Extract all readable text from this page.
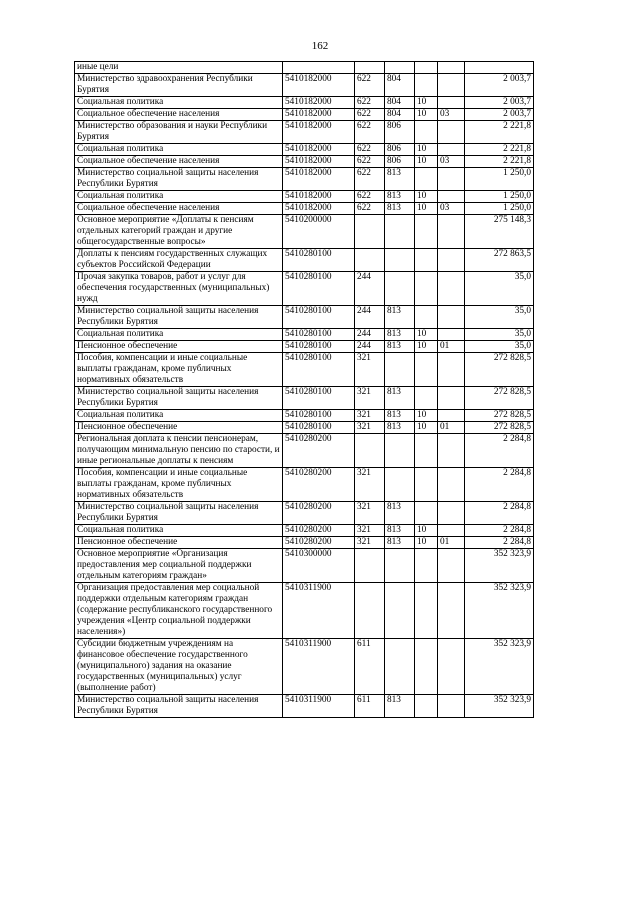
162
иные цели						
Министерство здравоохранения Республики Бурятия	5410182000	622	804			2 003,7
Социальная политика	5410182000	622	804	10		2 003,7
Социальное обеспечение населения	5410182000	622	804	10	03	2 003,7
Министерство образования и науки Республики Бурятия	5410182000	622	806			2 221,8
Социальная политика	5410182000	622	806	10		2 221,8
Социальное обеспечение населения	5410182000	622	806	10	03	2 221,8
Министерство социальной защиты населения Республики Бурятия	5410182000	622	813			1 250,0
Социальная политика	5410182000	622	813	10		1 250,0
Социальное обеспечение населения	5410182000	622	813	10	03	1 250,0
Основное мероприятие «Доплаты к пенсиям отдельных категорий граждан и другие общегосударственные вопросы»	5410200000					275 148,3
Доплаты к пенсиям государственных служащих субъектов Российской Федерации	5410280100					272 863,5
Прочая закупка товаров, работ и услуг для обеспечения государственных (муниципальных) нужд	5410280100	244				35,0
Министерство социальной защиты населения Республики Бурятия	5410280100	244	813			35,0
Социальная политика	5410280100	244	813	10		35,0
Пенсионное обеспечение	5410280100	244	813	10	01	35,0
Пособия, компенсации и иные социальные выплаты гражданам, кроме публичных нормативных обязательств	5410280100	321				272 828,5
Министерство социальной защиты населения Республики Бурятия	5410280100	321	813			272 828,5
Социальная политика	5410280100	321	813	10		272 828,5
Пенсионное обеспечение	5410280100	321	813	10	01	272 828,5
Региональная доплата к пенсии пенсионерам, получающим минимальную пенсию по старости, и иные региональные доплаты к пенсиям	5410280200					2 284,8
Пособия, компенсации и иные социальные выплаты гражданам, кроме публичных нормативных обязательств	5410280200	321				2 284,8
Министерство социальной защиты населения Республики Бурятия	5410280200	321	813			2 284,8
Социальная политика	5410280200	321	813	10		2 284,8
Пенсионное обеспечение	5410280200	321	813	10	01	2 284,8
Основное мероприятие «Организация предоставления мер социальной поддержки отдельным категориям граждан»	5410300000					352 323,9
Организация предоставления мер социальной поддержки отдельным категориям граждан (содержание республиканского государственного учреждения «Центр социальной поддержки населения»)	5410311900					352 323,9
Субсидии бюджетным учреждениям на финансовое обеспечение государственного (муниципального) задания на оказание государственных (муниципальных) услуг (выполнение работ)	5410311900	611				352 323,9
Министерство социальной защиты населения Республики Бурятия	5410311900	611	813			352 323,9
